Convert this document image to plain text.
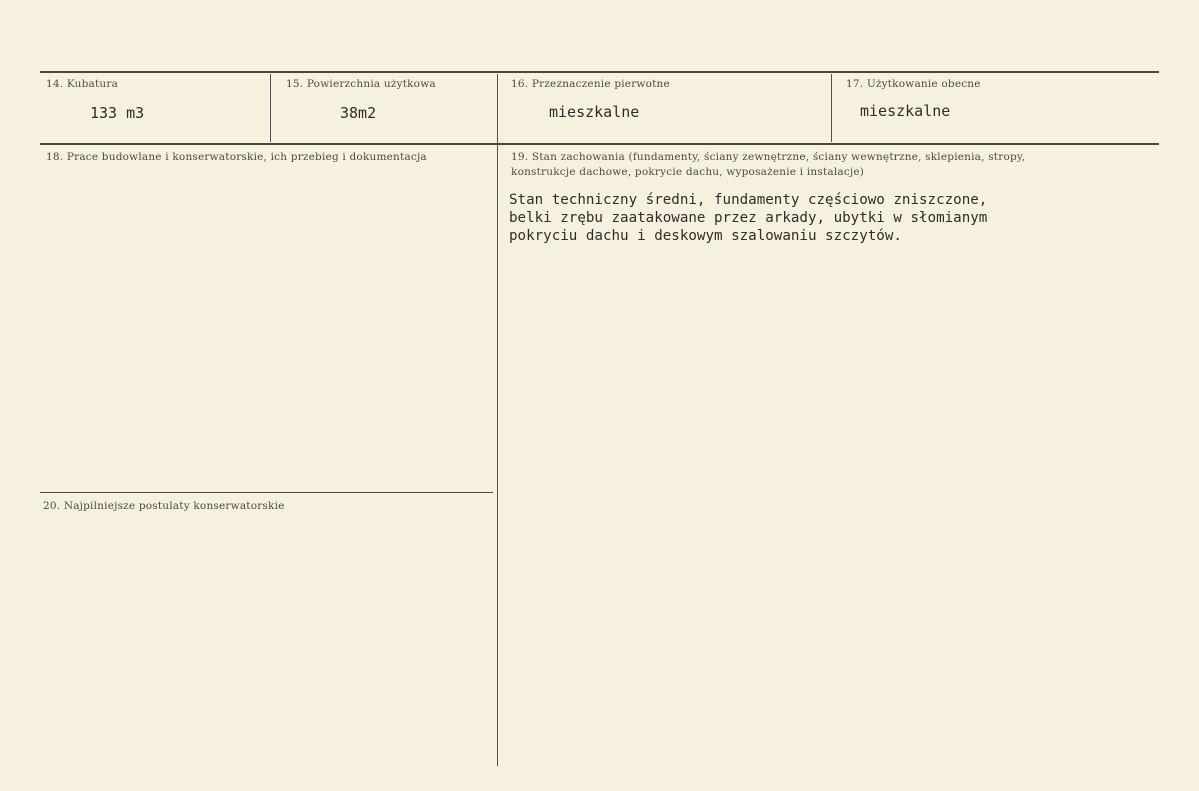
14. Kubatura
133 m3
15. Powierzchnia użytkowa
38m2
16. Przeznaczenie pierwotne
mieszkalne
17. Użytkowanie obecne
mieszkalne
18. Prace budowlane i konserwatorskie, ich przebieg i dokumentacja	19. Stan zachowania (fundamenty, ściany zewnętrzne, ściany wewnętrzne, sklepienia, stropy,
konstrukcje dachowe, pokrycie dachu, wyposażenie i instalacje)
Stan techniczny średni, fundamenty częściowo zniszczone,
belki zrębu zaatakowane przez arkady, ubytki w słomianym
pokryciu dachu i deskowym szalowaniu szczytów.
20. Najpilniejsze postulaty konserwatorskie
